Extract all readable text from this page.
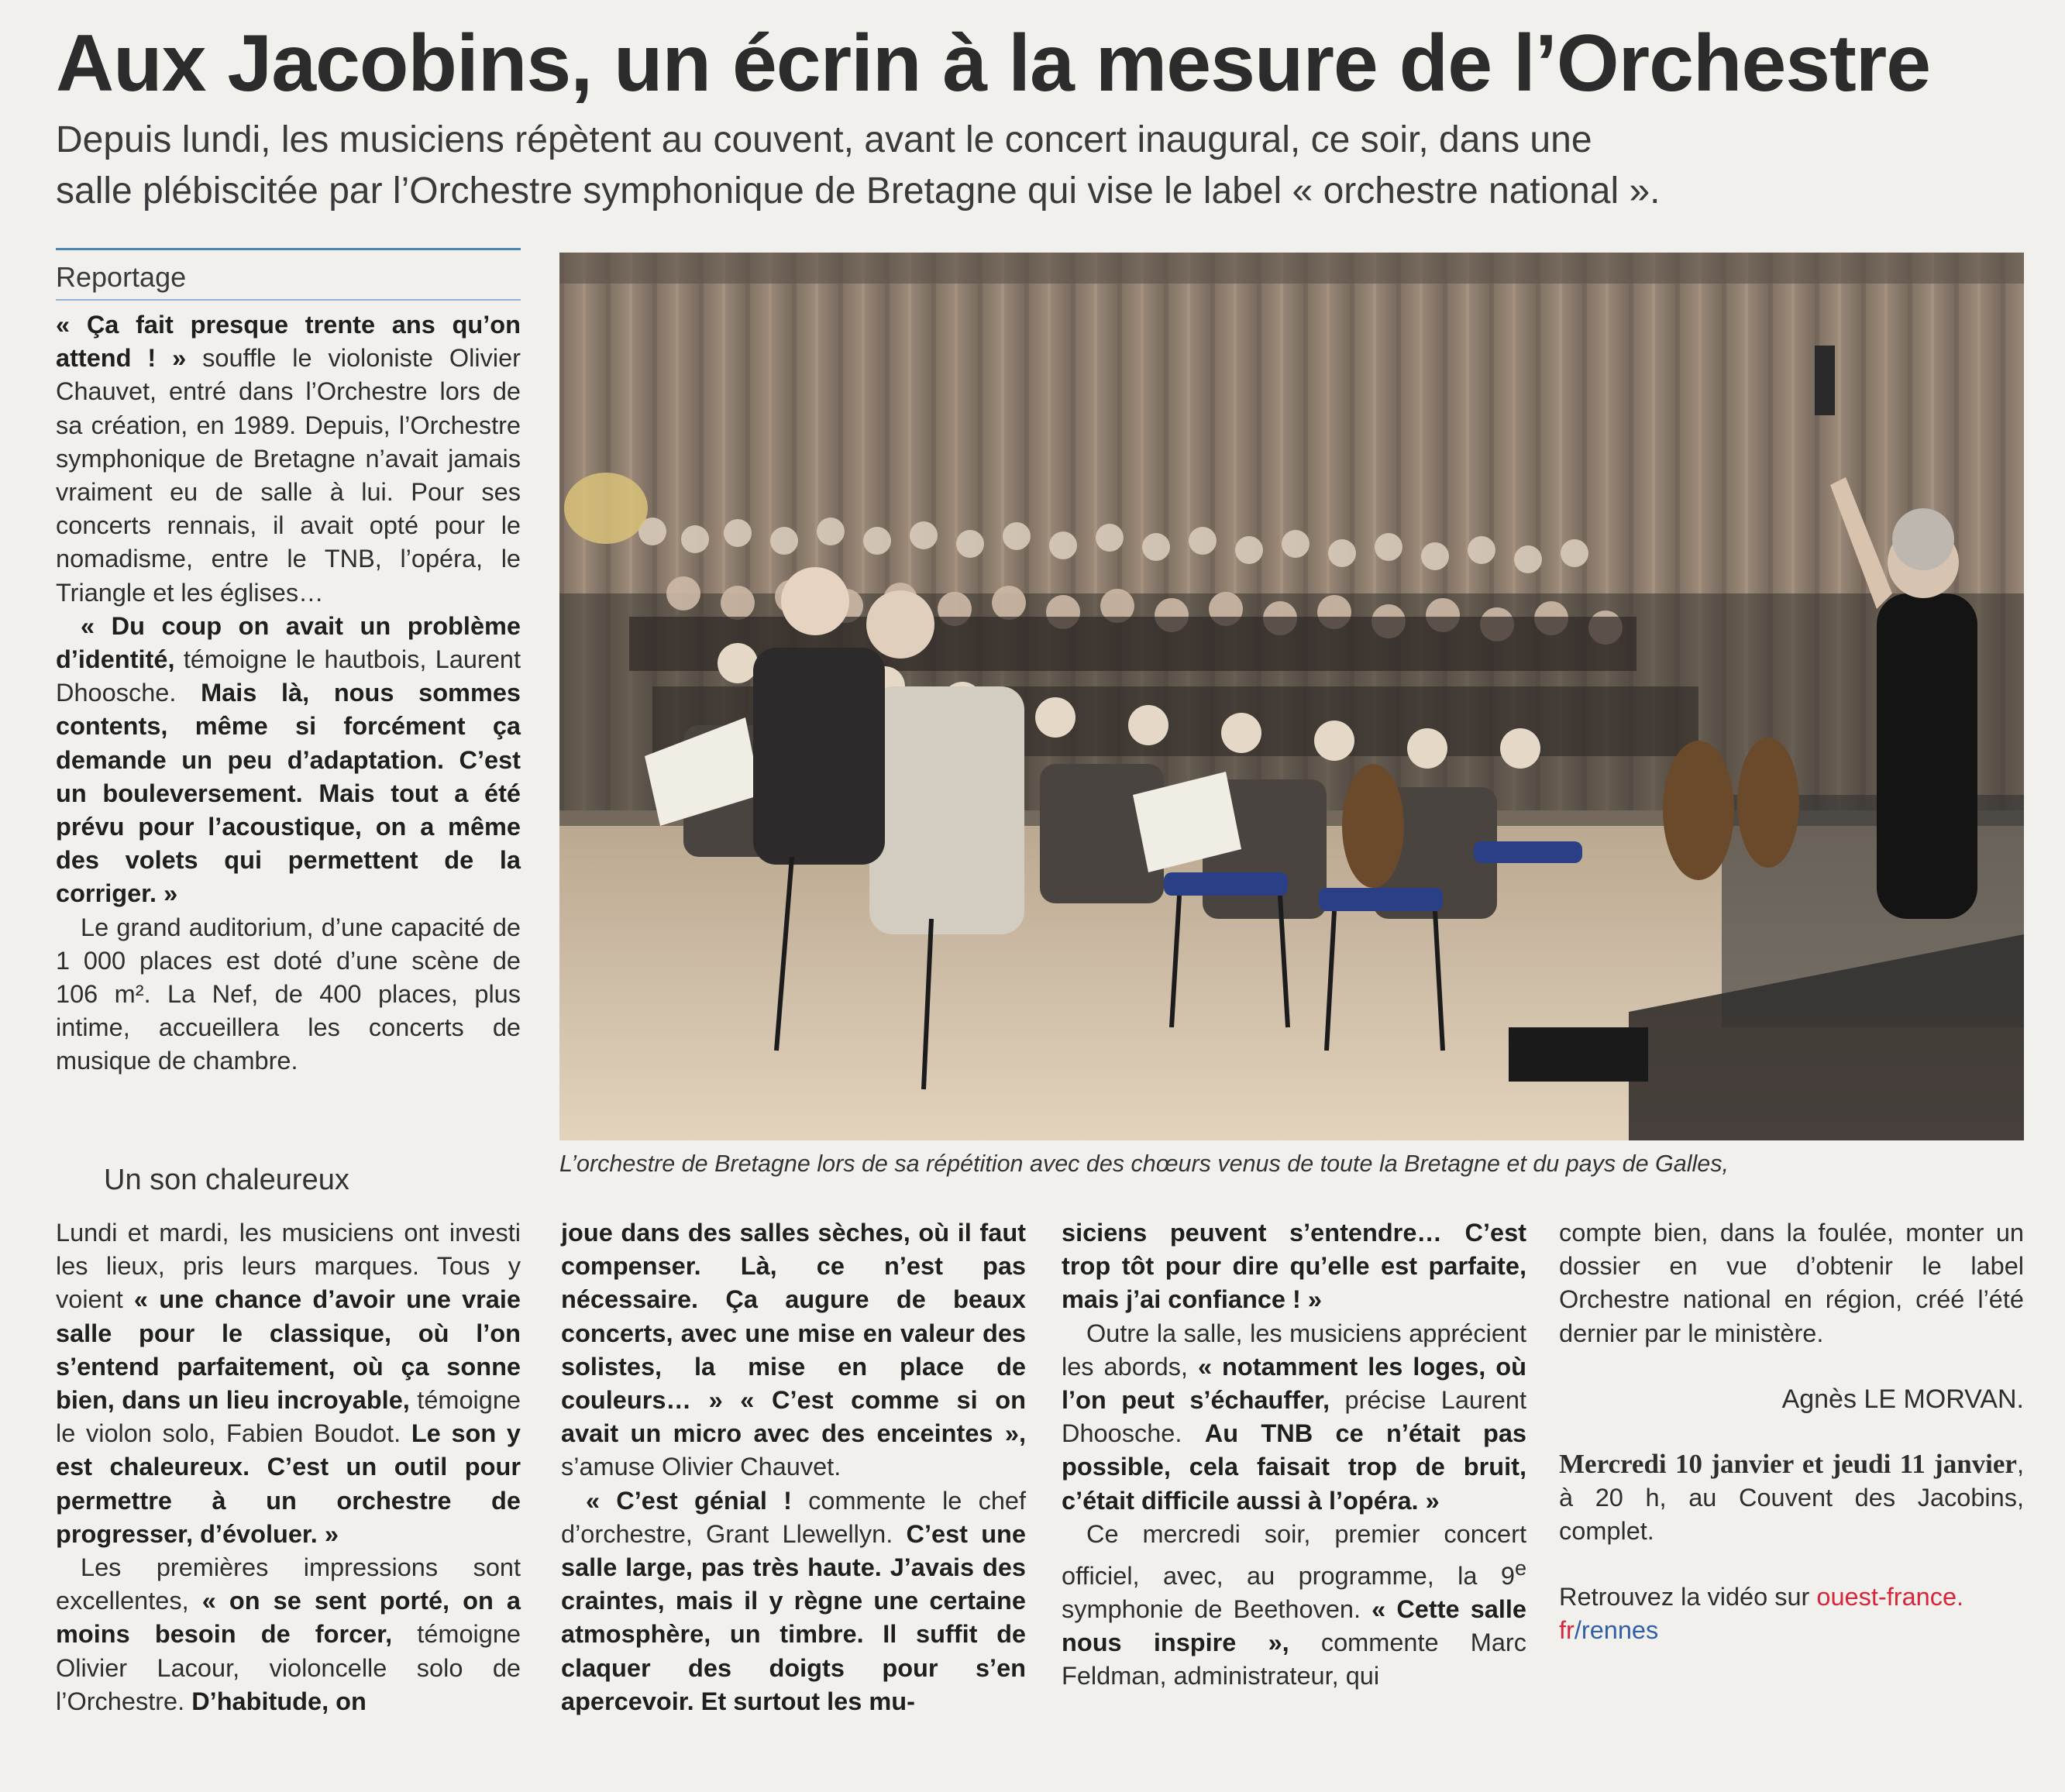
Aux Jacobins, un écrin à la mesure de l’Orchestre
Depuis lundi, les musiciens répètent au couvent, avant le concert inaugural, ce soir, dans une
salle plébiscitée par l’Orchestre symphonique de Bretagne qui vise le label « orchestre national ».
Reportage

« Ça fait presque trente ans qu’on attend ! » souffle le violoniste Olivier Chauvet, entré dans l’Orchestre lors de sa création, en 1989. Depuis, l’Orchestre symphonique de Bretagne n’avait jamais vraiment eu de salle à lui. Pour ses concerts rennais, il avait opté pour le nomadisme, entre le TNB, l’opéra, le Triangle et les églises…

« Du coup on avait un problème d’identité, témoigne le hautbois, Laurent Dhoosche. Mais là, nous sommes contents, même si forcément ça demande un peu d’adaptation. C’est un bouleversement. Mais tout a été prévu pour l’acoustique, on a même des volets qui permettent de la corriger. »

Le grand auditorium, d’une capacité de 1 000 places est doté d’une scène de 106 m². La Nef, de 400 places, plus intime, accueillera les concerts de musique de chambre.

Un son chaleureux	L’orchestre de Bretagne lors de sa répétition avec des chœurs venus de toute la Bretagne et du pays de Galles,

Lundi et mardi, les musiciens ont investi les lieux, pris leurs marques. Tous y voient « une chance d’avoir une vraie salle pour le classique, où l’on s’entend parfaitement, où ça sonne bien, dans un lieu incroyable, témoigne le violon solo, Fabien Boudot. Le son y est chaleureux. C’est un outil pour permettre à un orchestre de progresser, d’évoluer. »

Les premières impressions sont excellentes, « on se sent porté, on a moins besoin de forcer, témoigne Olivier Lacour, violoncelle solo de l’Orchestre. D’habitude, on

joue dans des salles sèches, où il faut compenser. Là, ce n’est pas nécessaire. Ça augure de beaux concerts, avec une mise en valeur des solistes, la mise en place de couleurs… » « C’est comme si on avait un micro avec des enceintes », s’amuse Olivier Chauvet.

« C’est génial ! commente le chef d’orchestre, Grant Llewellyn. C’est une salle large, pas très haute. J’avais des craintes, mais il y règne une certaine atmosphère, un timbre. Il suffit de claquer des doigts pour s’en apercevoir. Et surtout les mu-

siciens peuvent s’entendre… C’est trop tôt pour dire qu’elle est parfaite, mais j’ai confiance ! »

Outre la salle, les musiciens apprécient les abords, « notamment les loges, où l’on peut s’échauffer, précise Laurent Dhoosche. Au TNB ce n’était pas possible, cela faisait trop de bruit, c’était difficile aussi à l’opéra. »

Ce mercredi soir, premier concert officiel, avec, au programme, la 9e symphonie de Beethoven. « Cette salle nous inspire », commente Marc Feldman, administrateur, qui

compte bien, dans la foulée, monter un dossier en vue d’obtenir le label Orchestre national en région, créé l’été dernier par le ministère.

Agnès LE MORVAN.
Mercredi 10 janvier et jeudi 11 janvier, à 20 h, au Couvent des Jacobins, complet.
Retrouvez la vidéo sur ouest-france.
fr/rennes
